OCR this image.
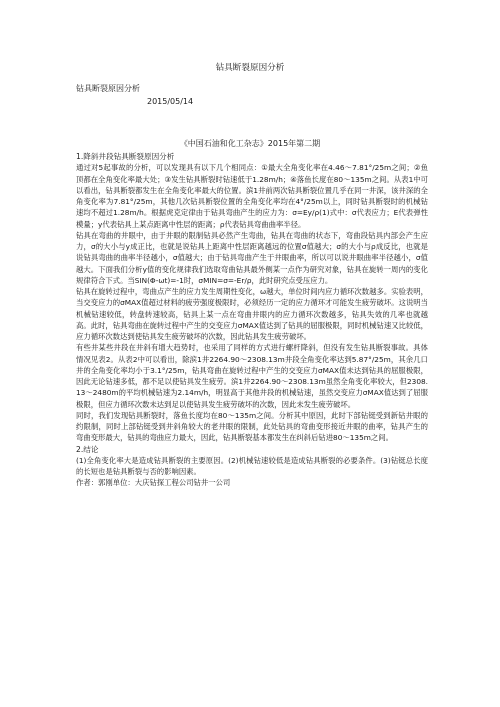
钻具断裂原因分析
钻具断裂原因分析
2015/05/14
《中国石油和化工杂志》2015年第二期

1.降斜井段钻具断裂原因分析

通过对5起事故的分析，可以发现具有以下几个相同点：①最大全角变化率在4.46～7.81°/25m之间；②鱼顶都在全角变化率最大处；③发生钻具断裂时钻速低于1.28m/h；④落鱼长度在80～135m之间。从表1中可以看出，钻具断裂都发生在全角变化率最大的位置。滨1井前两次钻具断裂位置几乎在同一井深，该井深的全角变化率为7.81°/25m，其他几次钻具断裂位置的全角变化率均在4°/25m以上，同时钻具断裂时的机械钻速均不超过1.28m/h。根据虎克定律由于钻具弯曲产生的应力为：σ=Ey/ρ(1)式中：σ代表应力；E代表弹性模量；y代表钻具上某点距离中性层的距离；ρ代表钻具弯曲曲率半径。

钻具在弯曲的井眼中，由于井眼的限制钻具必然产生弯曲，钻具在弯曲的状态下，弯曲段钻具内部会产生应力，σ的大小与y成正比，也就是说钻具上距离中性层距离越远的位置σ值越大；σ的大小与ρ成反比，也就是说钻具弯曲的曲率半径越小，σ值越大；由于钻具弯曲产生于井眼曲率，所以可以说井眼曲率半径越小，σ值越大。下面我们分析y值的变化规律我们选取弯曲钻具最外侧某一点作为研究对象，钻具在旋转一周内的变化规律符合下式。当SIN(Φ-ωt)=-1时，σMIN=σ=-Er/ρ，此时研究点受压应力。

钻具在旋转过程中，弯曲点产生的应力发生周期性变化，ω越大，单位时间内应力循环次数越多。实验表明，当交变应力的σMAX值超过材料的疲劳强度极限时，必须经历一定的应力循环才可能发生疲劳破坏。这说明当机械钻速较低，转盘转速较高，钻具上某一点在弯曲井眼内的应力循环次数越多，钻具失效的几率也就越高。此时，钻具弯曲在旋转过程中产生的交变应力σMAX值达到了钻具的屈服极限，同时机械钻速又比较低，应力循环次数达到使钻具发生疲劳破坏的次数，因此钻具发生疲劳破坏。

有些井某些井段在井斜有增大趋势时，也采用了同样的方式进行螺杆降斜，但没有发生钻具断裂事故。具体情况见表2。从表2中可以看出，除滨1井2264.90～2308.13m井段全角变化率达到5.87°/25m，其余几口井的全角变化率均小于3.1°/25m，钻具弯曲在旋转过程中产生的交变应力σMAX值未达到钻具的屈服极限，因此无论钻速多低，都不足以使钻具发生疲劳。滨1井2264.90～2308.13m虽然全角变化率较大，但2308.13～2480m的平均机械钻速为2.14m/h，明显高于其他井段的机械钻速，虽然交变应力σMAX值达到了屈服极限，但应力循环次数未达到足以使钻具发生疲劳破坏的次数，因此未发生疲劳破坏。

同时，我们发现钻具断裂时，落鱼长度均在80～135m之间。分析其中原因，此时下部钻铤受到新钻井眼的约限制，同时上部钻铤受到井斜角较大的老井眼的限制，此处钻具的弯曲变形接近井眼的曲率，钻具产生的弯曲变形最大，钻具的弯曲应力最大，因此，钻具断裂基本都发生在纠斜后钻进80～135m之间。

2.结论

(1)全角变化率大是造成钻具断裂的主要原因。(2)机械钻速较低是造成钻具断裂的必要条件。(3)钻铤总长度的长短也是钻具断裂与否的影响因素。

作者：郭刚单位：大庆钻探工程公司钻井一公司
